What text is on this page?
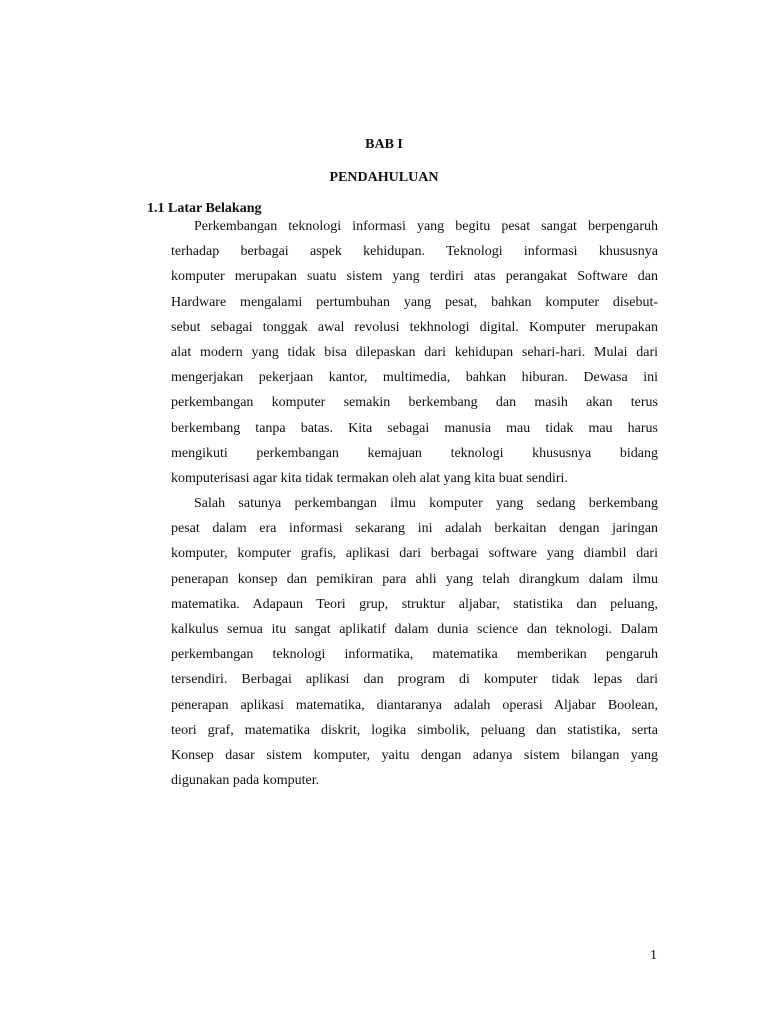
BAB I
PENDAHULUAN
1.1 Latar Belakang
Perkembangan teknologi informasi yang begitu pesat sangat berpengaruh
terhadap berbagai aspek kehidupan. Teknologi informasi khususnya
komputer merupakan suatu sistem yang terdiri atas perangakat Software dan
Hardware mengalami pertumbuhan yang pesat, bahkan komputer disebut-
sebut sebagai tonggak awal revolusi tekhnologi digital. Komputer merupakan
alat modern yang tidak bisa dilepaskan dari kehidupan sehari-hari. Mulai dari
mengerjakan pekerjaan kantor, multimedia, bahkan hiburan. Dewasa ini
perkembangan komputer semakin berkembang dan masih akan terus
berkembang tanpa batas. Kita sebagai manusia mau tidak mau harus
mengikuti perkembangan kemajuan teknologi khususnya bidang
komputerisasi agar kita tidak termakan oleh alat yang kita buat sendiri.
Salah satunya perkembangan ilmu komputer yang sedang berkembang
pesat dalam era informasi sekarang ini adalah berkaitan dengan jaringan
komputer, komputer grafis, aplikasi dari berbagai software yang diambil dari
penerapan konsep dan pemikiran para ahli yang telah dirangkum dalam ilmu
matematika. Adapaun Teori grup, struktur aljabar, statistika dan peluang,
kalkulus semua itu sangat aplikatif dalam dunia science dan teknologi. Dalam
perkembangan teknologi informatika, matematika memberikan pengaruh
tersendiri. Berbagai aplikasi dan program di komputer tidak lepas dari
penerapan aplikasi matematika, diantaranya adalah operasi Aljabar Boolean,
teori graf, matematika diskrit, logika simbolik, peluang dan statistika, serta
Konsep dasar sistem komputer, yaitu dengan adanya sistem bilangan yang
digunakan pada komputer.
1
